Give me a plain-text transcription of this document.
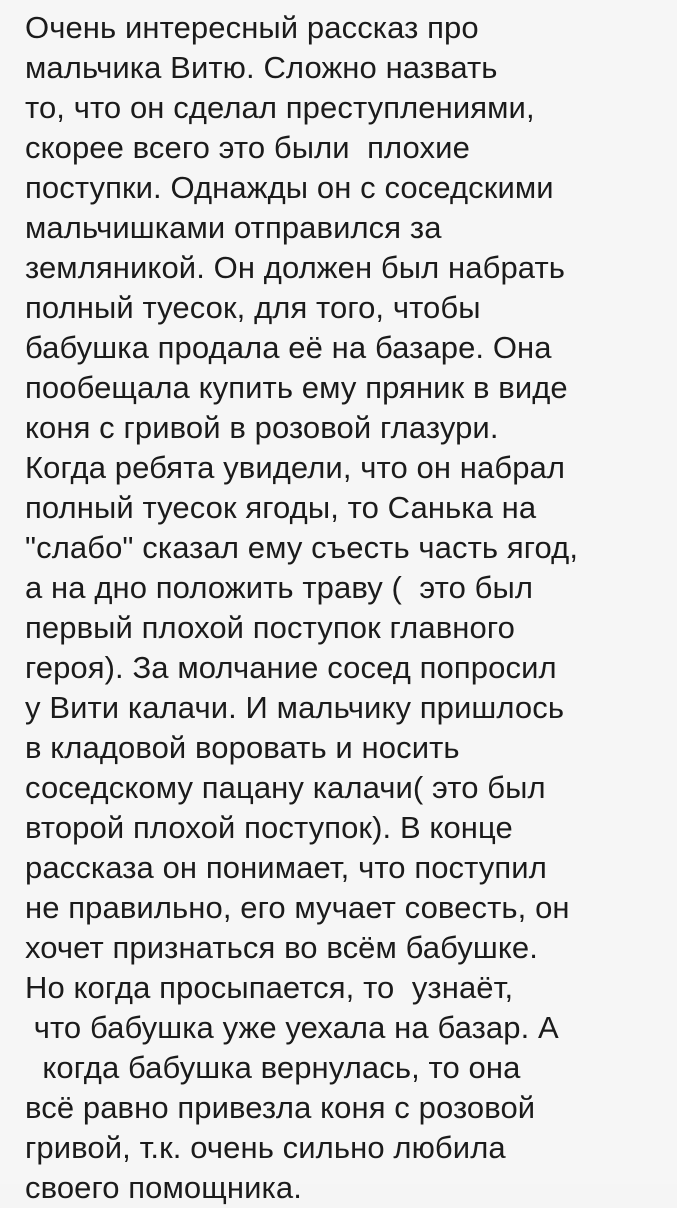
Очень интересный рассказ про
мальчика Витю. Сложно назвать
то, что он сделал преступлениями,
скорее всего это были  плохие
поступки. Однажды он с соседскими
мальчишками отправился за
земляникой. Он должен был набрать
полный туесок, для того, чтобы
бабушка продала её на базаре. Она
пообещала купить ему пряник в виде
коня с гривой в розовой глазури.
Когда ребята увидели, что он набрал
полный туесок ягоды, то Санька на
"слабо" сказал ему съесть часть ягод,
а на дно положить траву (  это был
первый плохой поступок главного
героя). За молчание сосед попросил
у Вити калачи. И мальчику пришлось
в кладовой воровать и носить
соседскому пацану калачи( это был
второй плохой поступок). В конце
рассказа он понимает, что поступил
не правильно, его мучает совесть, он
хочет признаться во всём бабушке.
Но когда просыпается, то  узнаёт,
что бабушка уже уехала на базар. А
когда бабушка вернулась, то она
всё равно привезла коня с розовой
гривой, т.к. очень сильно любила
своего помощника.
